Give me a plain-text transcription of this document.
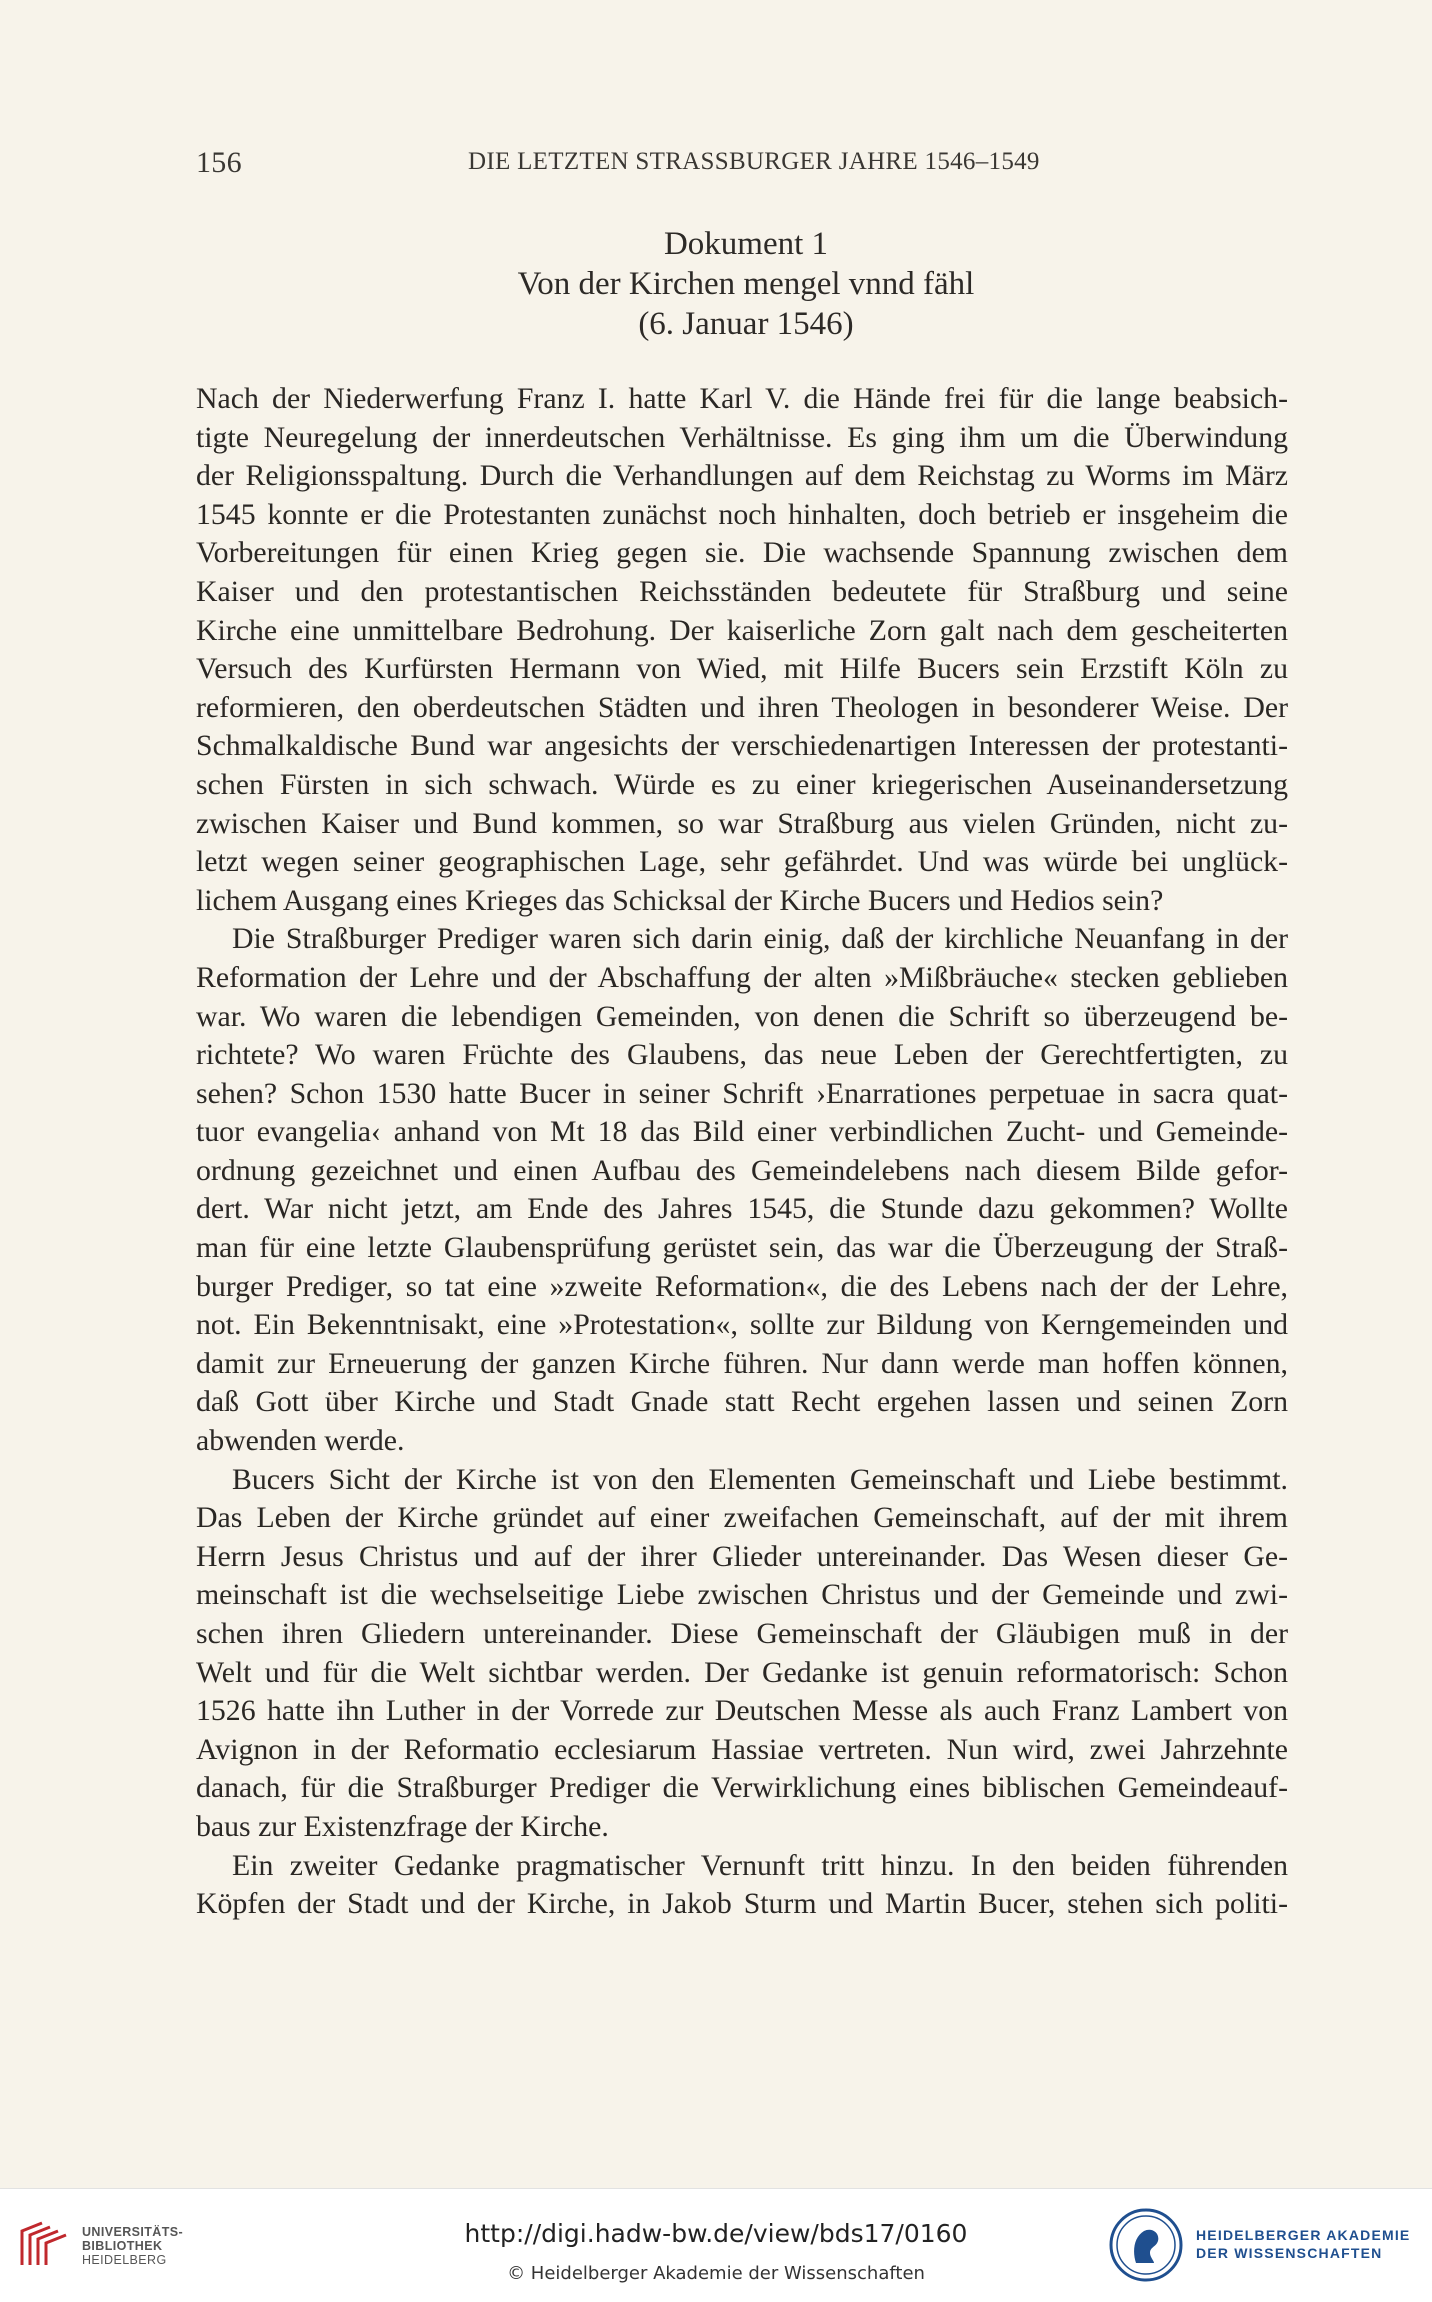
156	DIE LETZTEN STRASSBURGER JAHRE 1546–1549
Dokument 1
Von der Kirchen mengel vnnd fähl
(6. Januar 1546)
Nach der Niederwerfung Franz I. hatte Karl V. die Hände frei für die lange beabsich-
tigte Neuregelung der innerdeutschen Verhältnisse. Es ging ihm um die Überwindung
der Religionsspaltung. Durch die Verhandlungen auf dem Reichstag zu Worms im März
1545 konnte er die Protestanten zunächst noch hinhalten, doch betrieb er insgeheim die
Vorbereitungen für einen Krieg gegen sie. Die wachsende Spannung zwischen dem
Kaiser und den protestantischen Reichsständen bedeutete für Straßburg und seine
Kirche eine unmittelbare Bedrohung. Der kaiserliche Zorn galt nach dem gescheiterten
Versuch des Kurfürsten Hermann von Wied, mit Hilfe Bucers sein Erzstift Köln zu
reformieren, den oberdeutschen Städten und ihren Theologen in besonderer Weise. Der
Schmalkaldische Bund war angesichts der verschiedenartigen Interessen der protestanti-
schen Fürsten in sich schwach. Würde es zu einer kriegerischen Auseinandersetzung
zwischen Kaiser und Bund kommen, so war Straßburg aus vielen Gründen, nicht zu-
letzt wegen seiner geographischen Lage, sehr gefährdet. Und was würde bei unglück-
lichem Ausgang eines Krieges das Schicksal der Kirche Bucers und Hedios sein?
Die Straßburger Prediger waren sich darin einig, daß der kirchliche Neuanfang in der
Reformation der Lehre und der Abschaffung der alten »Mißbräuche« stecken geblieben
war. Wo waren die lebendigen Gemeinden, von denen die Schrift so überzeugend be-
richtete? Wo waren Früchte des Glaubens, das neue Leben der Gerechtfertigten, zu
sehen? Schon 1530 hatte Bucer in seiner Schrift ›Enarrationes perpetuae in sacra quat-
tuor evangelia‹ anhand von Mt 18 das Bild einer verbindlichen Zucht- und Gemeinde-
ordnung gezeichnet und einen Aufbau des Gemeindelebens nach diesem Bilde gefor-
dert. War nicht jetzt, am Ende des Jahres 1545, die Stunde dazu gekommen? Wollte
man für eine letzte Glaubensprüfung gerüstet sein, das war die Überzeugung der Straß-
burger Prediger, so tat eine »zweite Reformation«, die des Lebens nach der der Lehre,
not. Ein Bekenntnisakt, eine »Protestation«, sollte zur Bildung von Kerngemeinden und
damit zur Erneuerung der ganzen Kirche führen. Nur dann werde man hoffen können,
daß Gott über Kirche und Stadt Gnade statt Recht ergehen lassen und seinen Zorn
abwenden werde.
Bucers Sicht der Kirche ist von den Elementen Gemeinschaft und Liebe bestimmt.
Das Leben der Kirche gründet auf einer zweifachen Gemeinschaft, auf der mit ihrem
Herrn Jesus Christus und auf der ihrer Glieder untereinander. Das Wesen dieser Ge-
meinschaft ist die wechselseitige Liebe zwischen Christus und der Gemeinde und zwi-
schen ihren Gliedern untereinander. Diese Gemeinschaft der Gläubigen muß in der
Welt und für die Welt sichtbar werden. Der Gedanke ist genuin reformatorisch: Schon
1526 hatte ihn Luther in der Vorrede zur Deutschen Messe als auch Franz Lambert von
Avignon in der Reformatio ecclesiarum Hassiae vertreten. Nun wird, zwei Jahrzehnte
danach, für die Straßburger Prediger die Verwirklichung eines biblischen Gemeindeauf-
baus zur Existenzfrage der Kirche.
Ein zweiter Gedanke pragmatischer Vernunft tritt hinzu. In den beiden führenden
Köpfen der Stadt und der Kirche, in Jakob Sturm und Martin Bucer, stehen sich politi-
UNIVERSITÄTS-
BIBLIOTHEK
HEIDELBERG
http://digi.hadw-bw.de/view/bds17/0160
© Heidelberger Akademie der Wissenschaften
HEIDELBERGER AKADEMIE
DER WISSENSCHAFTEN
